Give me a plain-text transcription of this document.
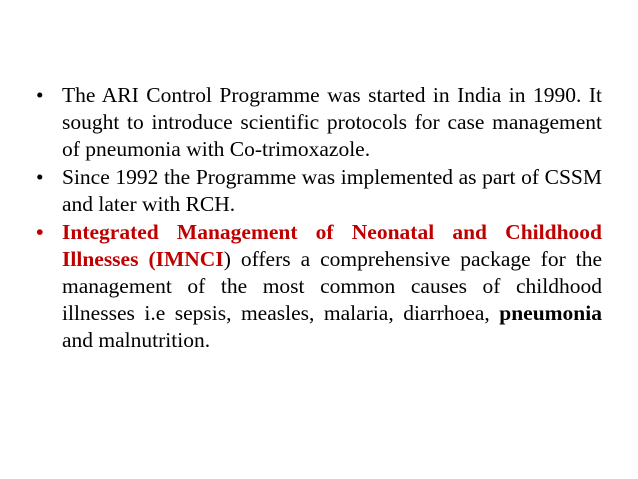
• The ARI Control Programme was started in India in 1990. It sought to introduce scientific protocols for case management of pneumonia with Co-trimoxazole.
• Since 1992 the Programme was implemented as part of CSSM and later with RCH.
• Integrated Management of Neonatal and Childhood Illnesses (IMNCI) offers a comprehensive package for the management of the most common causes of childhood illnesses i.e sepsis, measles, malaria, diarrhoea, pneumonia and malnutrition.
